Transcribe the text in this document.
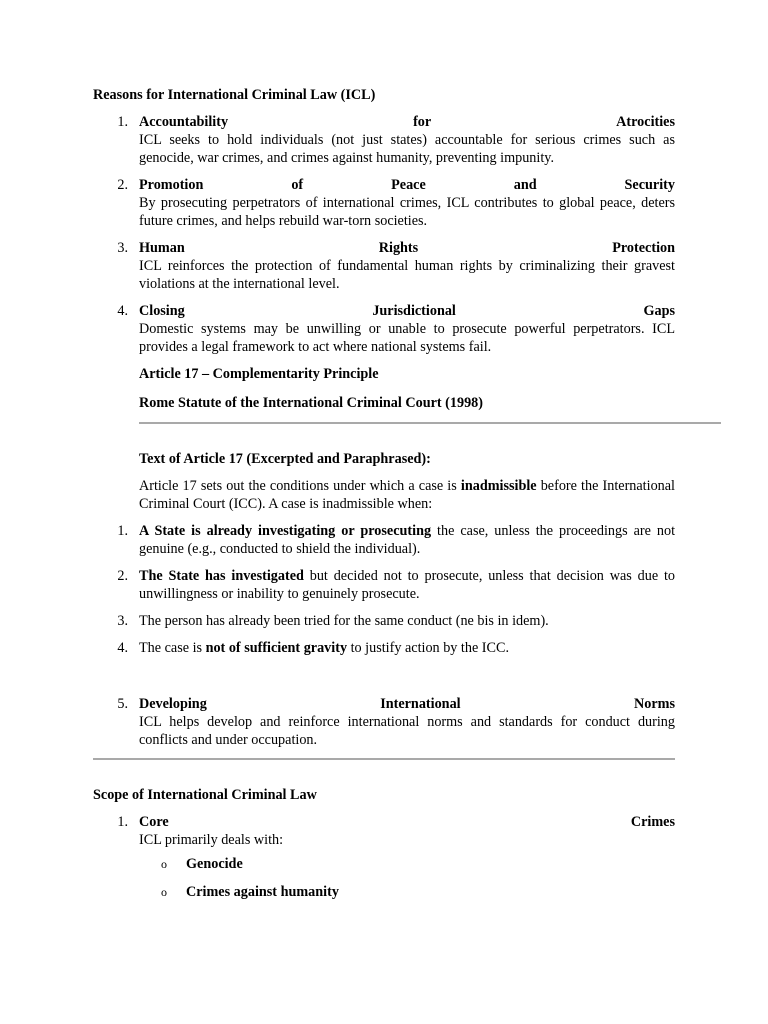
Reasons for International Criminal Law (ICL)
1. Accountability	for	Atrocities
ICL seeks to hold individuals (not just states) accountable for serious crimes such as genocide, war crimes, and crimes against humanity, preventing impunity.
2. Promotion	of	Peace	and	Security
By prosecuting perpetrators of international crimes, ICL contributes to global peace, deters future crimes, and helps rebuild war-torn societies.
3. Human	Rights	Protection
ICL reinforces the protection of fundamental human rights by criminalizing their gravest violations at the international level.
4. Closing	Jurisdictional	Gaps
Domestic systems may be unwilling or unable to prosecute powerful perpetrators. ICL provides a legal framework to act where national systems fail.
Article 17 – Complementarity Principle
Rome Statute of the International Criminal Court (1998)
Text of Article 17 (Excerpted and Paraphrased):
Article 17 sets out the conditions under which a case is inadmissible before the International Criminal Court (ICC). A case is inadmissible when:
1. A State is already investigating or prosecuting the case, unless the proceedings are not genuine (e.g., conducted to shield the individual).
2. The State has investigated but decided not to prosecute, unless that decision was due to unwillingness or inability to genuinely prosecute.
3. The person has already been tried for the same conduct (ne bis in idem).
4. The case is not of sufficient gravity to justify action by the ICC.
5. Developing	International	Norms
ICL helps develop and reinforce international norms and standards for conduct during conflicts and under occupation.
Scope of International Criminal Law
1. Core	Crimes
ICL primarily deals with:
o Genocide
o Crimes against humanity
